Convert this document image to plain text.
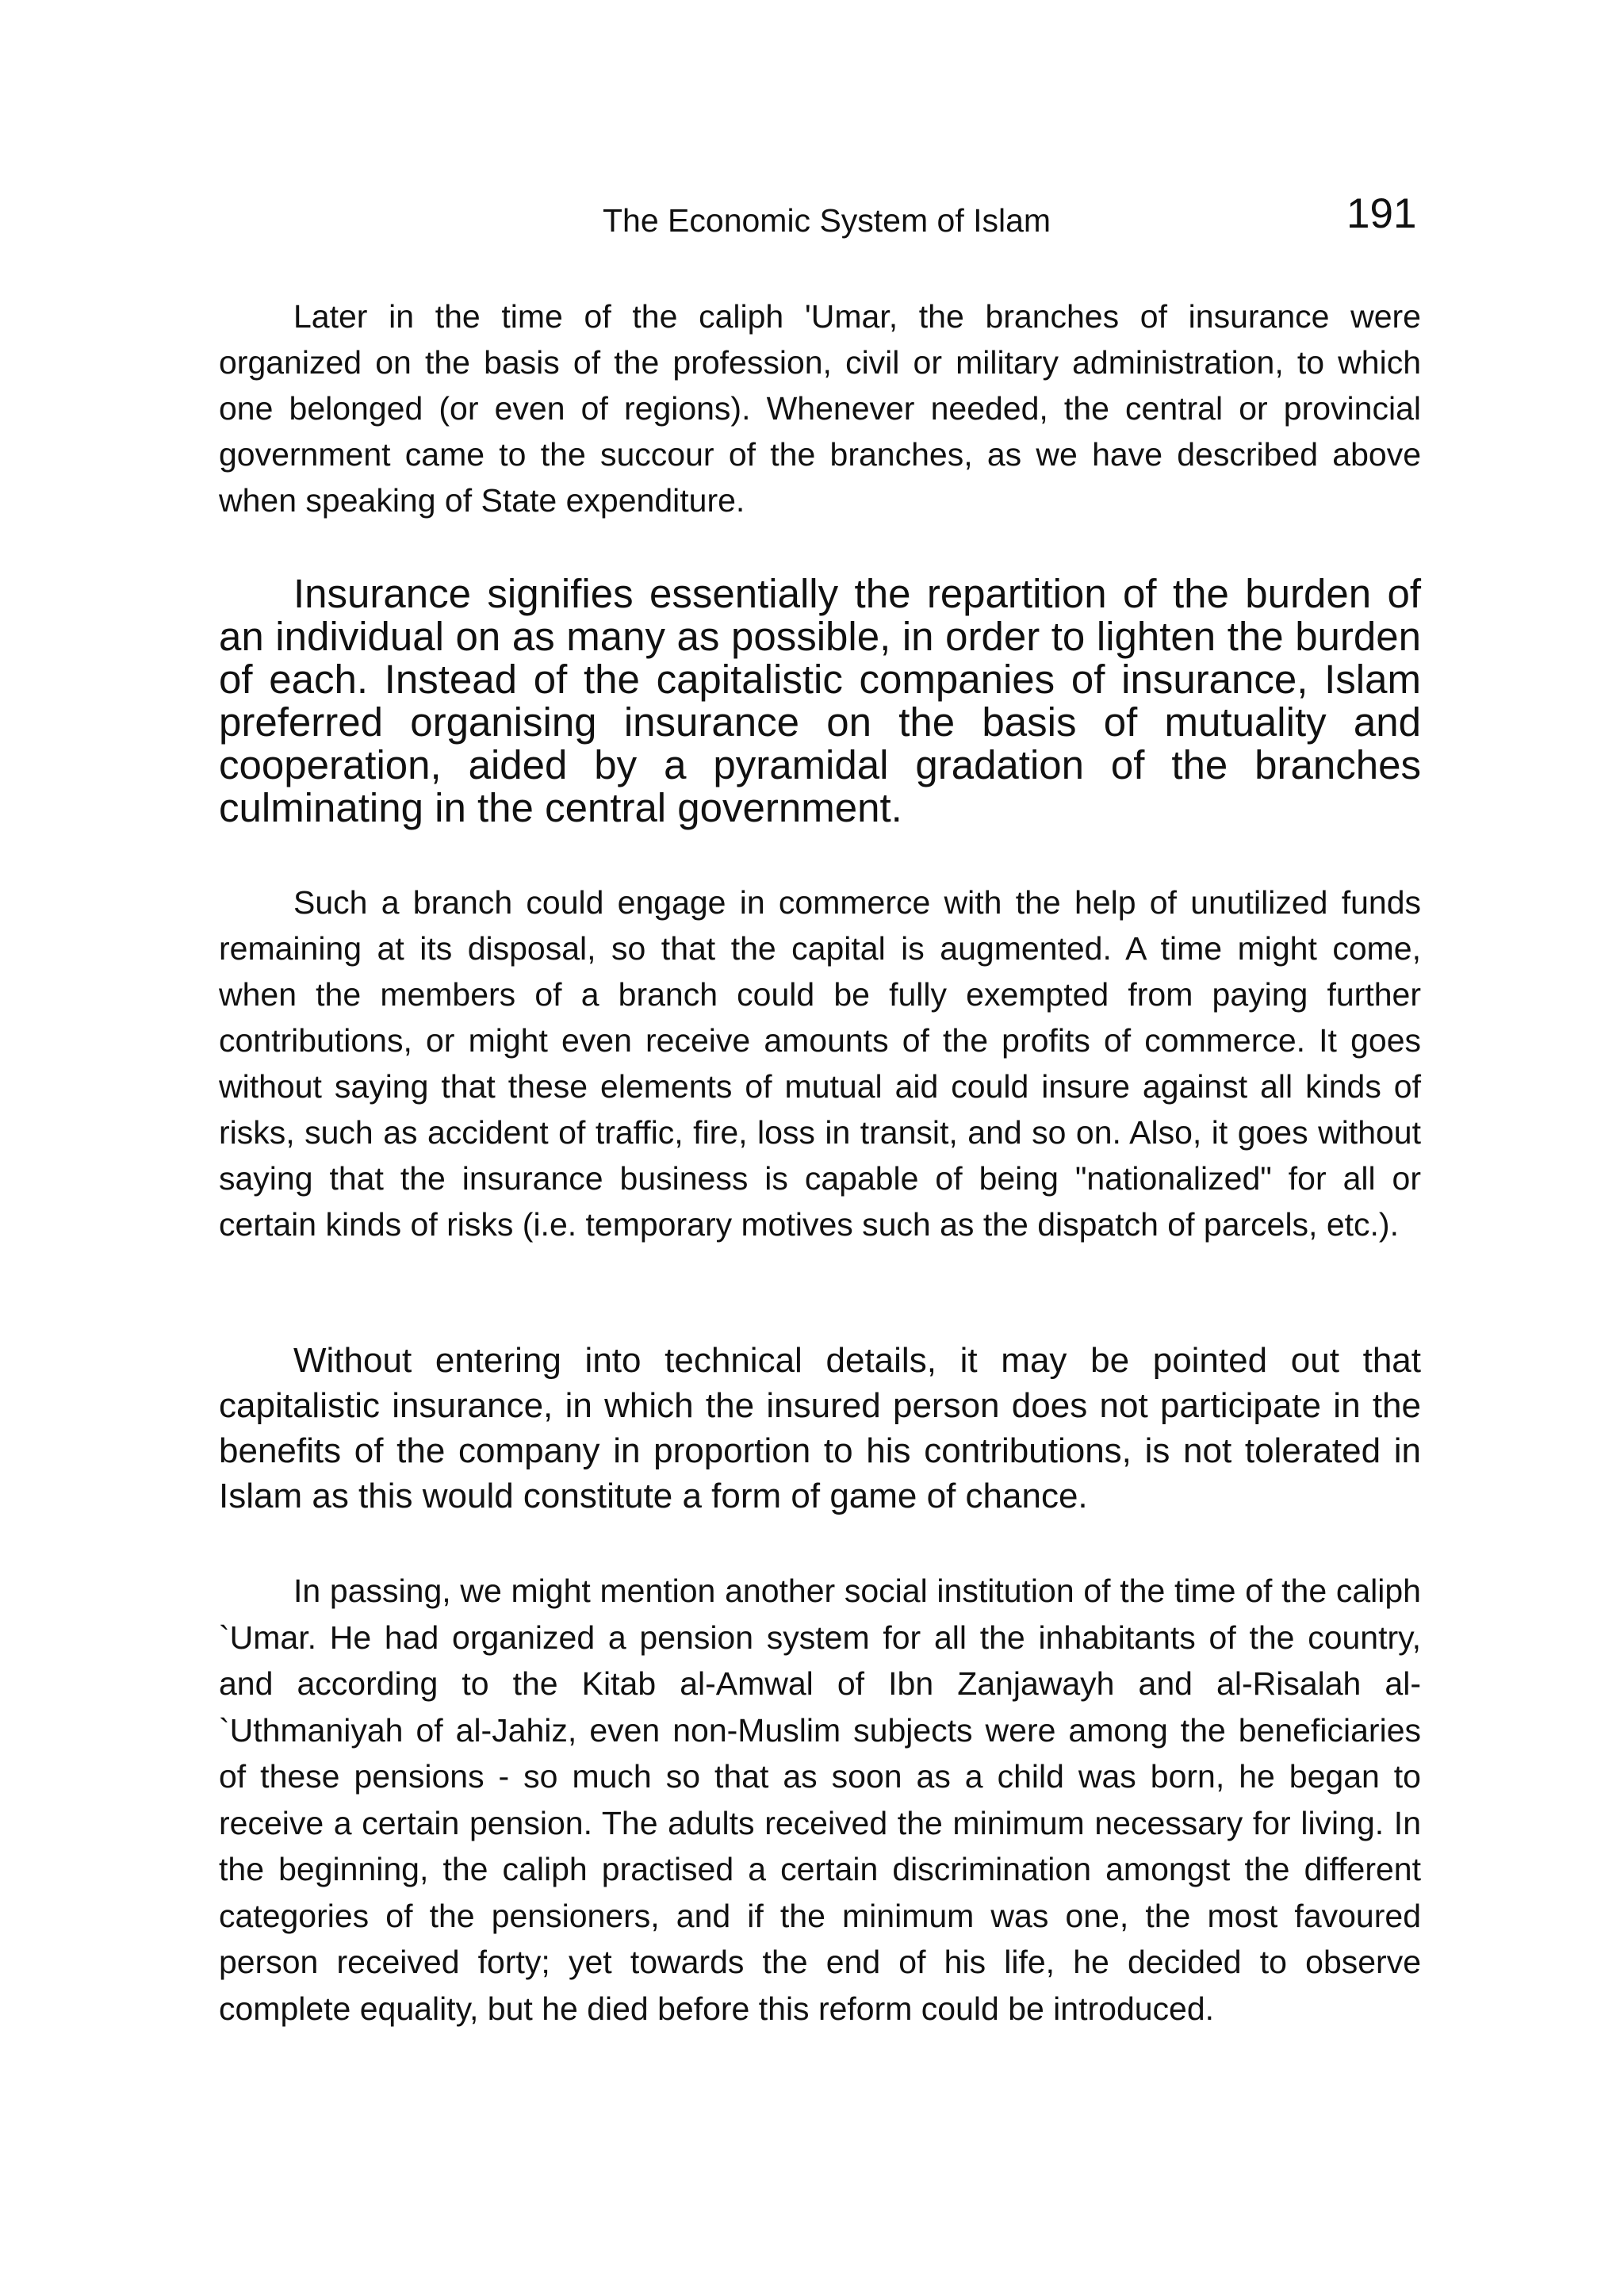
The Economic System of Islam	191

Later in the time of the caliph 'Umar, the branches of insurance were organized on the basis of the profession, civil or military administration, to which one belonged (or even of regions). Whenever needed, the central or provincial government came to the succour of the branches, as we have described above when speaking of State expenditure.

Insurance signifies essentially the repartition of the burden of an individual on as many as possible, in order to lighten the burden of each. Instead of the capitalistic companies of insurance, Islam preferred organising insurance on the basis of mutuality and cooperation, aided by a pyramidal gradation of the branches culminating in the central government.

Such a branch could engage in commerce with the help of unutilized funds remaining at its disposal, so that the capital is augmented. A time might come, when the members of a branch could be fully exempted from paying further contributions, or might even receive amounts of the profits of commerce. It goes without saying that these elements of mutual aid could insure against all kinds of risks, such as accident of traffic, fire, loss in transit, and so on. Also, it goes without saying that the insurance business is capable of being "nationalized" for all or certain kinds of risks (i.e. temporary motives such as the dispatch of parcels, etc.).

Without entering into technical details, it may be pointed out that capitalistic insurance, in which the insured person does not participate in the benefits of the company in proportion to his contributions, is not tolerated in Islam as this would constitute a form of game of chance.

In passing, we might mention another social institution of the time of the caliph `Umar. He had organized a pension system for all the inhabitants of the country, and according to the Kitab al-Amwal of Ibn Zanjawayh and al-Risalah al-`Uthmaniyah of al-Jahiz, even non-Muslim subjects were among the beneficiaries of these pensions - so much so that as soon as a child was born, he began to receive a certain pension. The adults received the minimum necessary for living. In the beginning, the caliph practised a certain discrimination amongst the different categories of the pensioners, and if the minimum was one, the most favoured person received forty; yet towards the end of his life, he decided to observe complete equality, but he died before this reform could be introduced.
